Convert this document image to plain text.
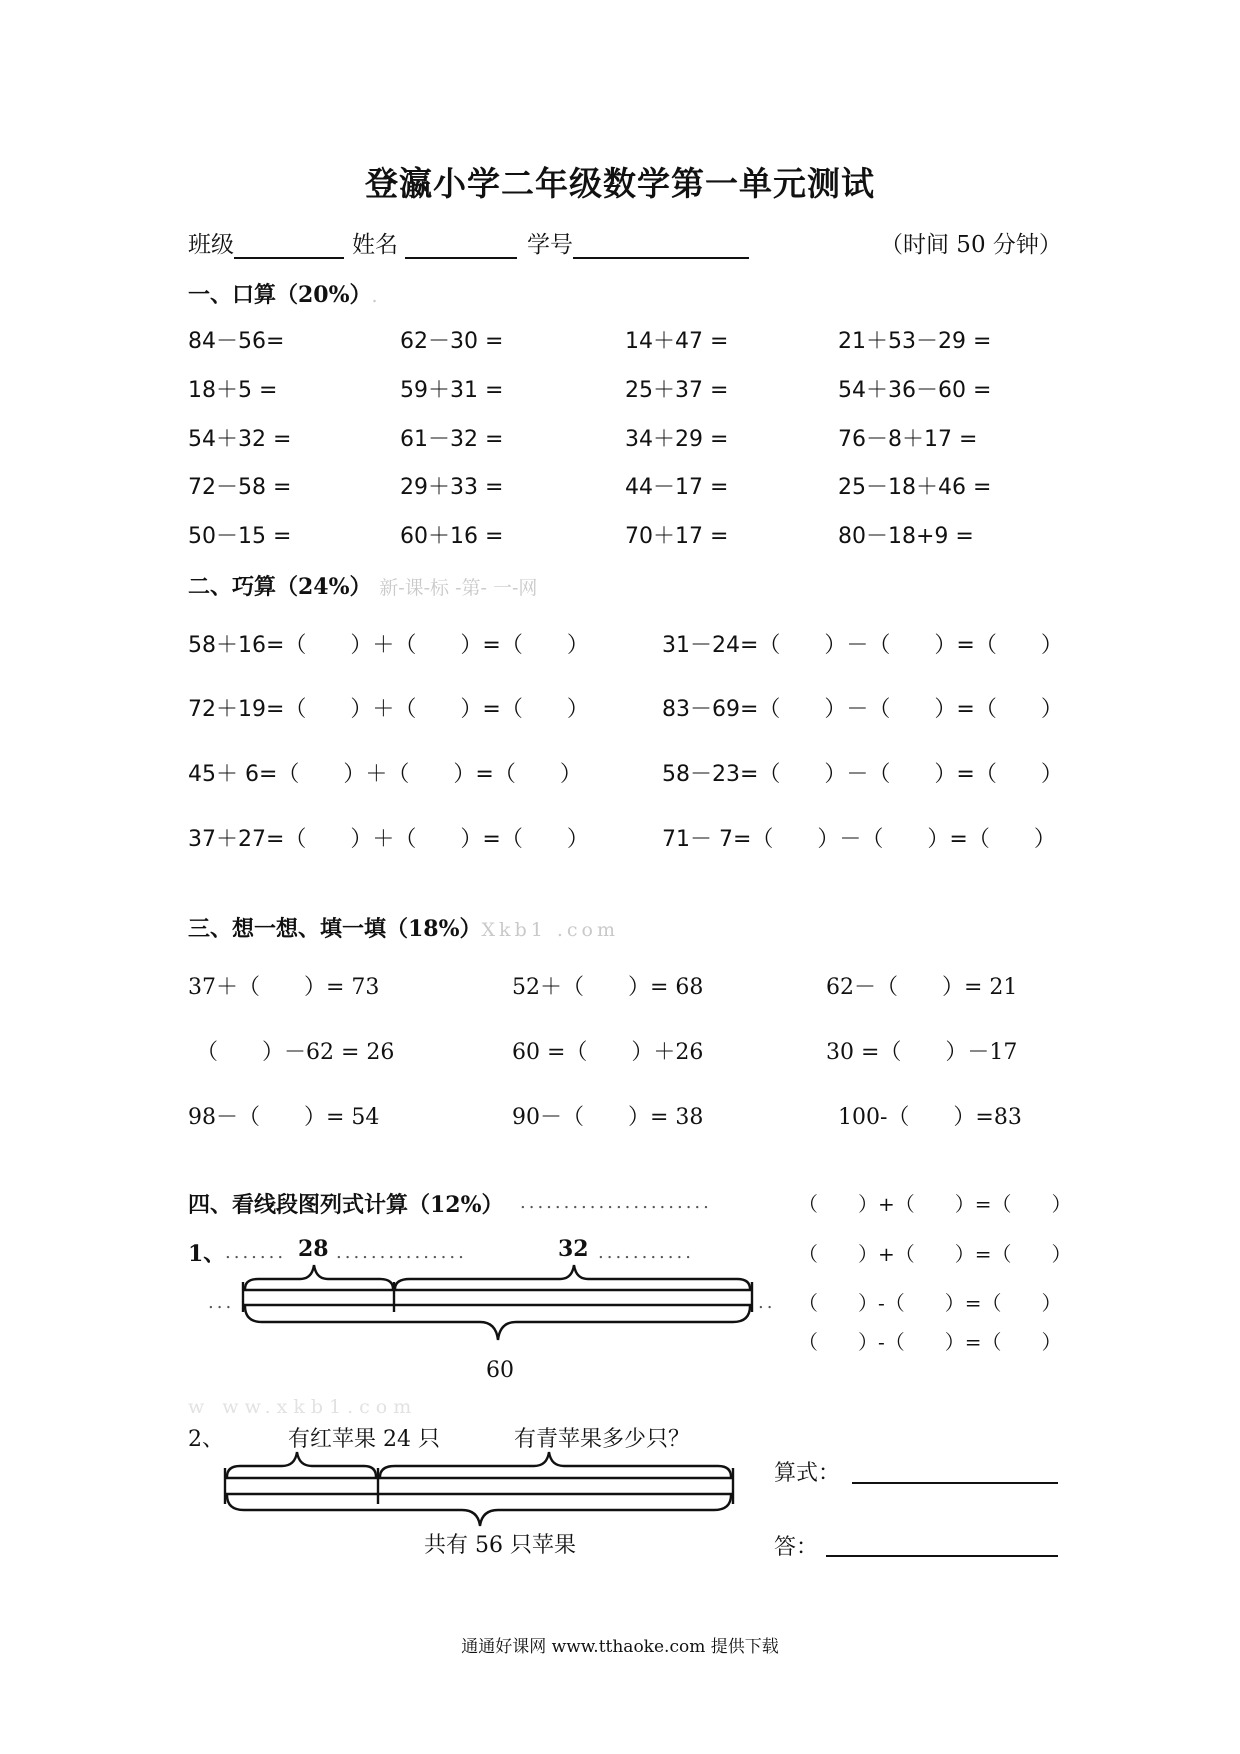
登瀛小学二年级数学第一单元测试
班级	姓名	学号	（时间 50 分钟）
一、口算（20%）.
84－56=	62－30 =	14＋47 =	21＋53－29 =
18＋5 =	59＋31 =	25＋37 =	54＋36－60 =
54＋32 =	61－32 =	34＋29 =	76－8＋17 =
72－58 =	29＋33 =	44－17 =	25－18＋46 =
50－15 =	60＋16 =	70＋17 =	80－18+9 =
二、巧算（24%） 新-课-标 -第- 一-网
58＋16=（　　）＋（　　）=（　　）	31－24=（　　）－（　　）=（　　）
72＋19=（　　）＋（　　）=（　　）	83－69=（　　）－（　　）=（　　）
45＋ 6=（　　）＋（　　）=（　　）	58－23=（　　）－（　　）=（　　）
37＋27=（　　）＋（　　）=（　　）	71－ 7=（　　）－（　　）=（　　）
三、想一想、填一填（18%）Xkb1 .com
37＋（　　）= 73	52＋（　　）= 68	62－（　　）= 21
（　　）－62 = 26	60 =（　　）＋26	30 =（　　）－17
98－（　　）= 54	90－（　　）= 38	100-（　　）=83
四、看线段图列式计算（12%） ......................	（　　）+（　　）=（　　）
（　　）+（　　）=（　　）
（　　）-（　　）=（　　）
（　　）-（　　）=（　　）
1、 ....... 28 ...............	32 ...........
...	..
60
w ww.xkb1.com
2、	有红苹果 24 只	有青苹果多少只？
共有 56 只苹果
算式：
答：
通通好课网 www.tthaoke.com 提供下载
